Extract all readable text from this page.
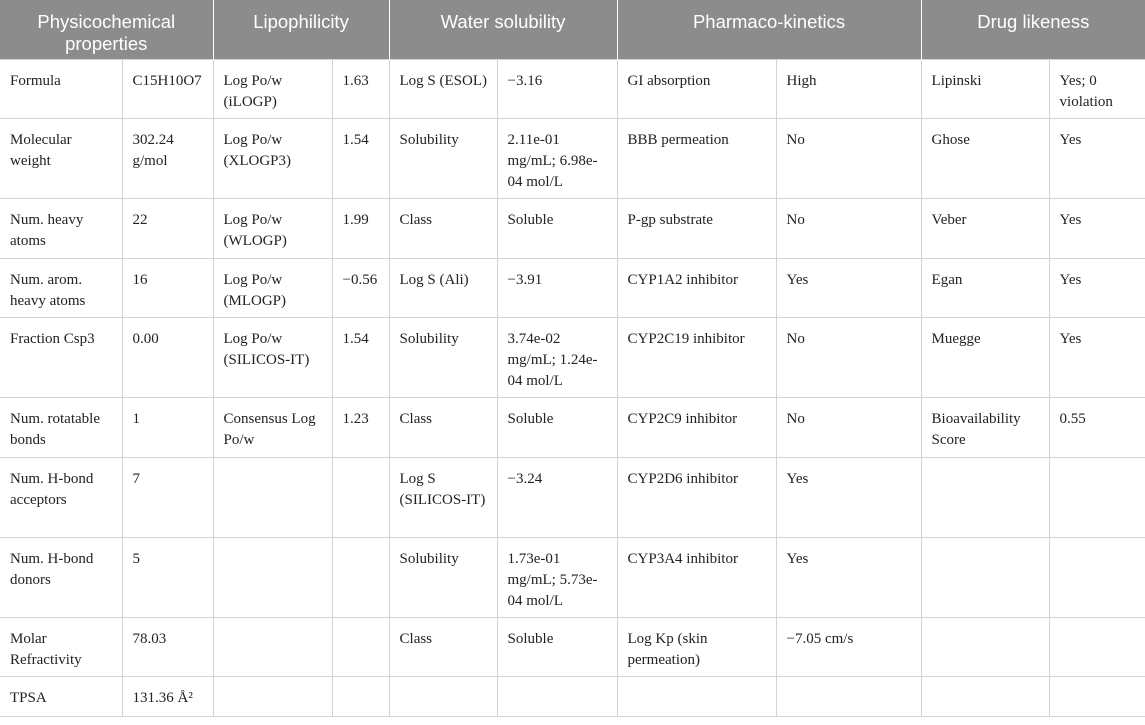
Physicochemical properties		Lipophilicity		Water solubility		Pharmaco-kinetics		Drug likeness	
Formula	C15H10O7	Log Po/w (iLOGP)	1.63	Log S (ESOL)	−3.16	GI absorption	High	Lipinski	Yes; 0 violation
Molecular weight	302.24 g/mol	Log Po/w (XLOGP3)	1.54	Solubility	2.11e-01 mg/mL; 6.98e-04 mol/L	BBB permeation	No	Ghose	Yes
Num. heavy atoms	22	Log Po/w (WLOGP)	1.99	Class	Soluble	P-gp substrate	No	Veber	Yes
Num. arom. heavy atoms	16	Log Po/w (MLOGP)	−0.56	Log S (Ali)	−3.91	CYP1A2 inhibitor	Yes	Egan	Yes
Fraction Csp3	0.00	Log Po/w (SILICOS-IT)	1.54	Solubility	3.74e-02 mg/mL; 1.24e-04 mol/L	CYP2C19 inhibitor	No	Muegge	Yes
Num. rotatable bonds	1	Consensus Log Po/w	1.23	Class	Soluble	CYP2C9 inhibitor	No	Bioavailability Score	0.55
Num. H-bond acceptors	7			Log S (SILICOS-IT)	−3.24	CYP2D6 inhibitor	Yes		
Num. H-bond donors	5			Solubility	1.73e-01 mg/mL; 5.73e-04 mol/L	CYP3A4 inhibitor	Yes		
Molar Refractivity	78.03			Class	Soluble	Log Kp (skin permeation)	−7.05 cm/s		
TPSA	131.36 Å²								
